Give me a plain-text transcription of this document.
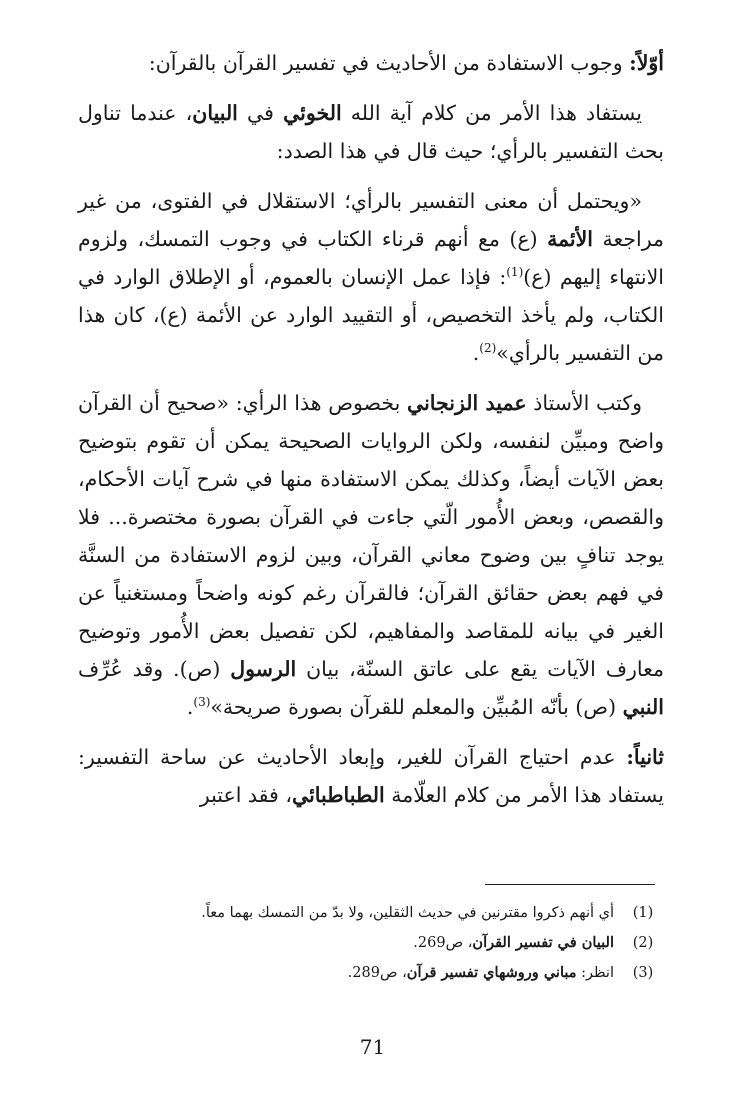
أوّلاً: وجوب الاستفادة من الأحاديث في تفسير القرآن بالقرآن:

يستفاد هذا الأمر من كلام آية الله الخوئي في البيان، عندما تناول بحث التفسير بالرأي؛ حيث قال في هذا الصدد:

«ويحتمل أن معنى التفسير بالرأي؛ الاستقلال في الفتوى، من غير مراجعة الأئمة (ع) مع أنهم قرناء الكتاب في وجوب التمسك، ولزوم الانتهاء إليهم (ع)$^{(1)}$: فإذا عمل الإنسان بالعموم، أو الإطلاق الوارد في الكتاب، ولم يأخذ التخصيص، أو التقييد الوارد عن الأئمة (ع)، كان هذا من التفسير بالرأي»$^{(2)}$.

وكتب الأستاذ عميد الزنجاني بخصوص هذا الرأي: «صحيح أن القرآن واضح ومبيِّن لنفسه، ولكن الروايات الصحيحة يمكن أن تقوم بتوضيح بعض الآيات أيضاً، وكذلك يمكن الاستفادة منها في شرح آيات الأحكام، والقصص، وبعض الأُمور الّتي جاءت في القرآن بصورة مختصرة... فلا يوجد تنافٍ بين وضوح معاني القرآن، وبين لزوم الاستفادة من السنَّة في فهم بعض حقائق القرآن؛ فالقرآن رغم كونه واضحاً ومستغنياً عن الغير في بيانه للمقاصد والمفاهيم، لكن تفصيل بعض الأُمور وتوضيح معارف الآيات يقع على عاتق السنّة، بيان الرسول (ص). وقد عُرِّف النبي (ص) بأنّه المُبيِّن والمعلم للقرآن بصورة صريحة»$^{(3)}$.

ثانياً: عدم احتياج القرآن للغير، وإبعاد الأحاديث عن ساحة التفسير: يستفاد هذا الأمر من كلام العلّامة الطباطبائي، فقد اعتبر

(1)
أي أنهم ذكروا مقترنين في حديث الثقلين، ولا بدّ من التمسك بهما معاً.
(2)
البيان في تفسير القرآن، ص269.
(3)
انظر: مباني وروشهاي تفسير قرآن، ص289.
71
